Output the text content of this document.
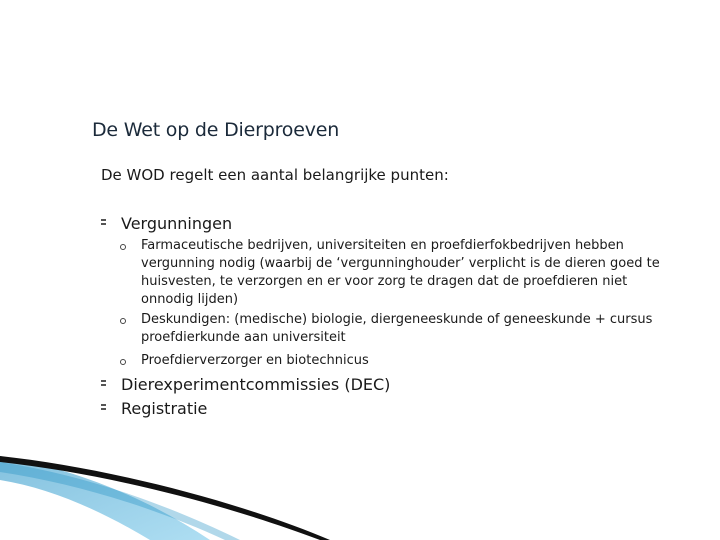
De Wet op de Dierproeven
De WOD regelt een aantal belangrijke punten:
Vergunningen
Farmaceutische bedrijven, universiteiten en proefdierfokbedrijven hebben vergunning nodig (waarbij de ‘vergunninghouder’ verplicht is de dieren goed te huisvesten, te verzorgen en er voor zorg te dragen dat de proefdieren niet onnodig lijden)
Deskundigen: (medische) biologie, diergeneeskunde of geneeskunde + cursus proefdierkunde aan universiteit
Proefdierverzorger en biotechnicus
Dierexperimentcommissies (DEC)
Registratie
